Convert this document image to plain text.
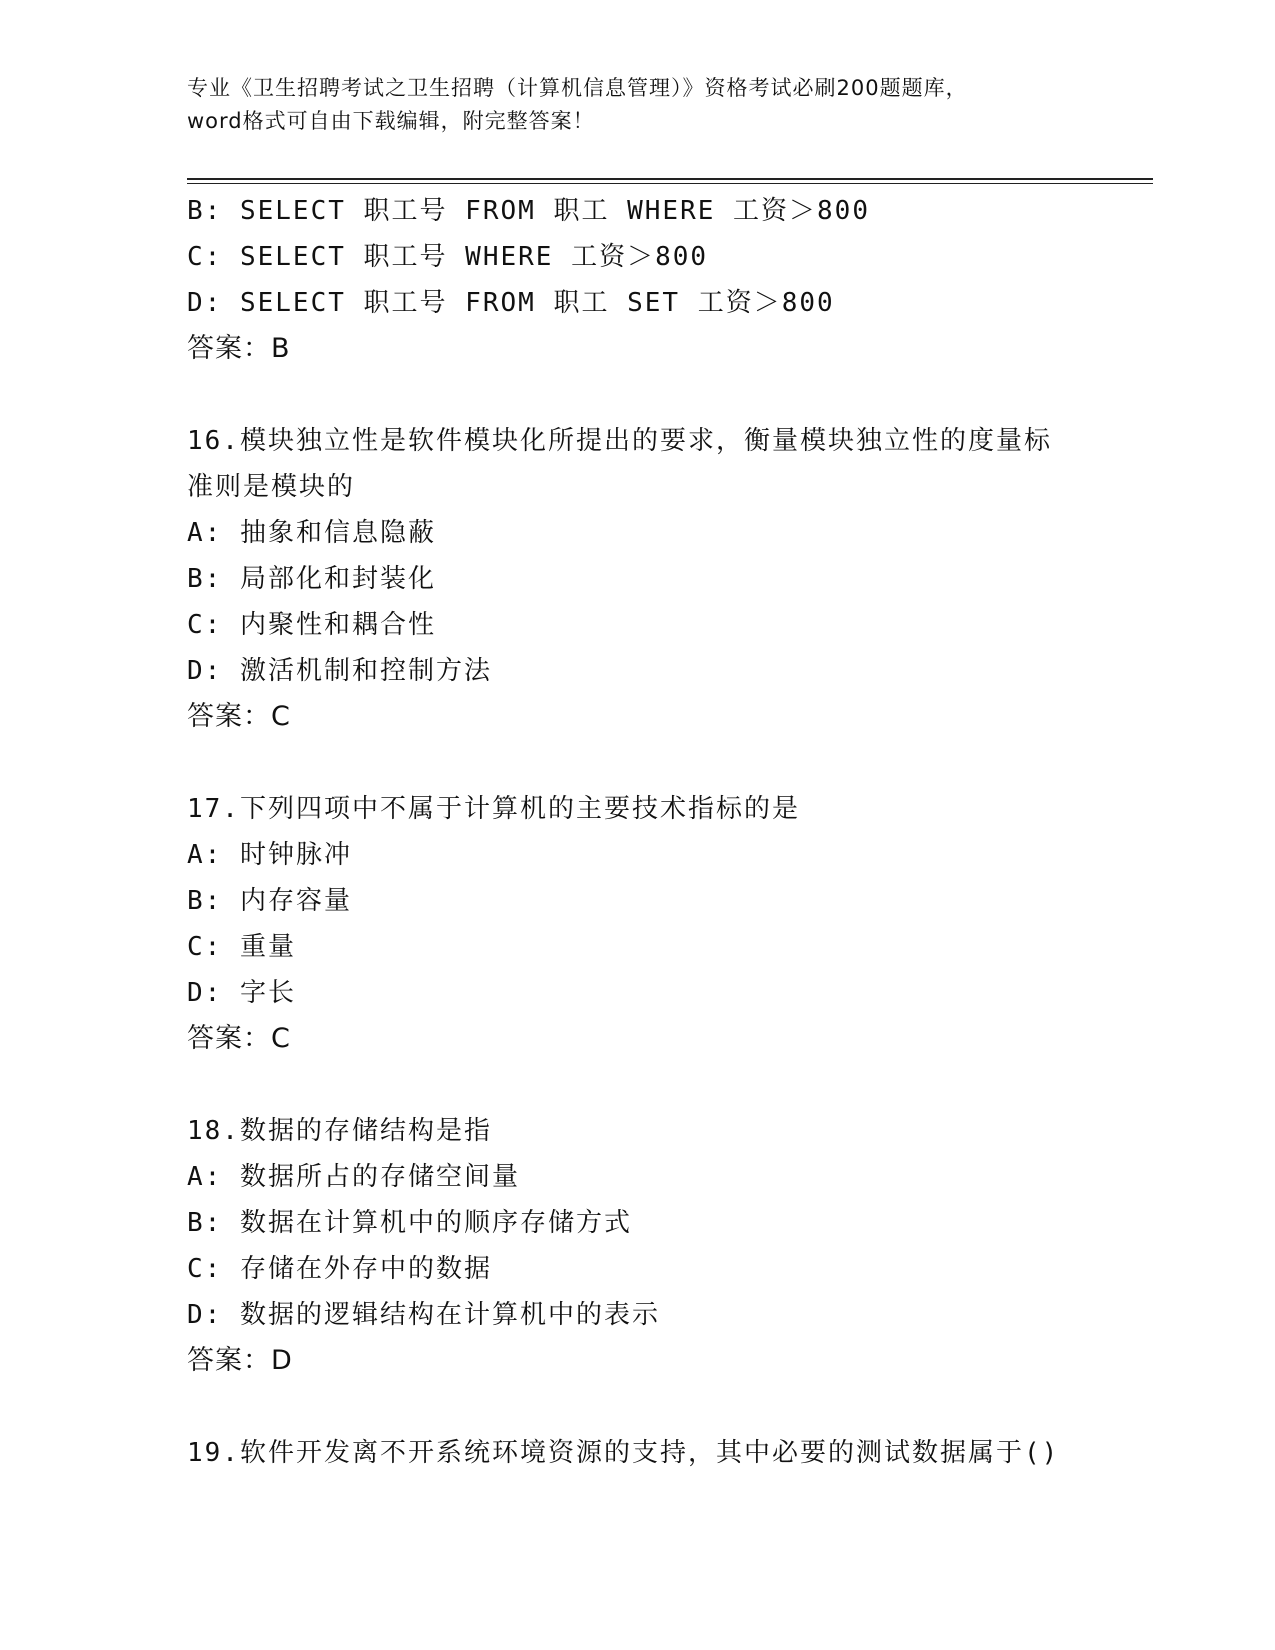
专业《卫生招聘考试之卫生招聘（计算机信息管理）》资格考试必刷200题题库，
word格式可自由下载编辑，附完整答案！
B: SELECT 职工号 FROM 职工 WHERE 工资＞800
C: SELECT 职工号 WHERE 工资＞800
D: SELECT 职工号 FROM 职工 SET 工资＞800
答案：B
16.模块独立性是软件模块化所提出的要求，衡量模块独立性的度量标
准则是模块的
A: 抽象和信息隐蔽
B: 局部化和封装化
C: 内聚性和耦合性
D: 激活机制和控制方法
答案：C
17.下列四项中不属于计算机的主要技术指标的是
A: 时钟脉冲
B: 内存容量
C: 重量
D: 字长
答案：C
18.数据的存储结构是指
A: 数据所占的存储空间量
B: 数据在计算机中的顺序存储方式
C: 存储在外存中的数据
D: 数据的逻辑结构在计算机中的表示
答案：D
19.软件开发离不开系统环境资源的支持，其中必要的测试数据属于()
